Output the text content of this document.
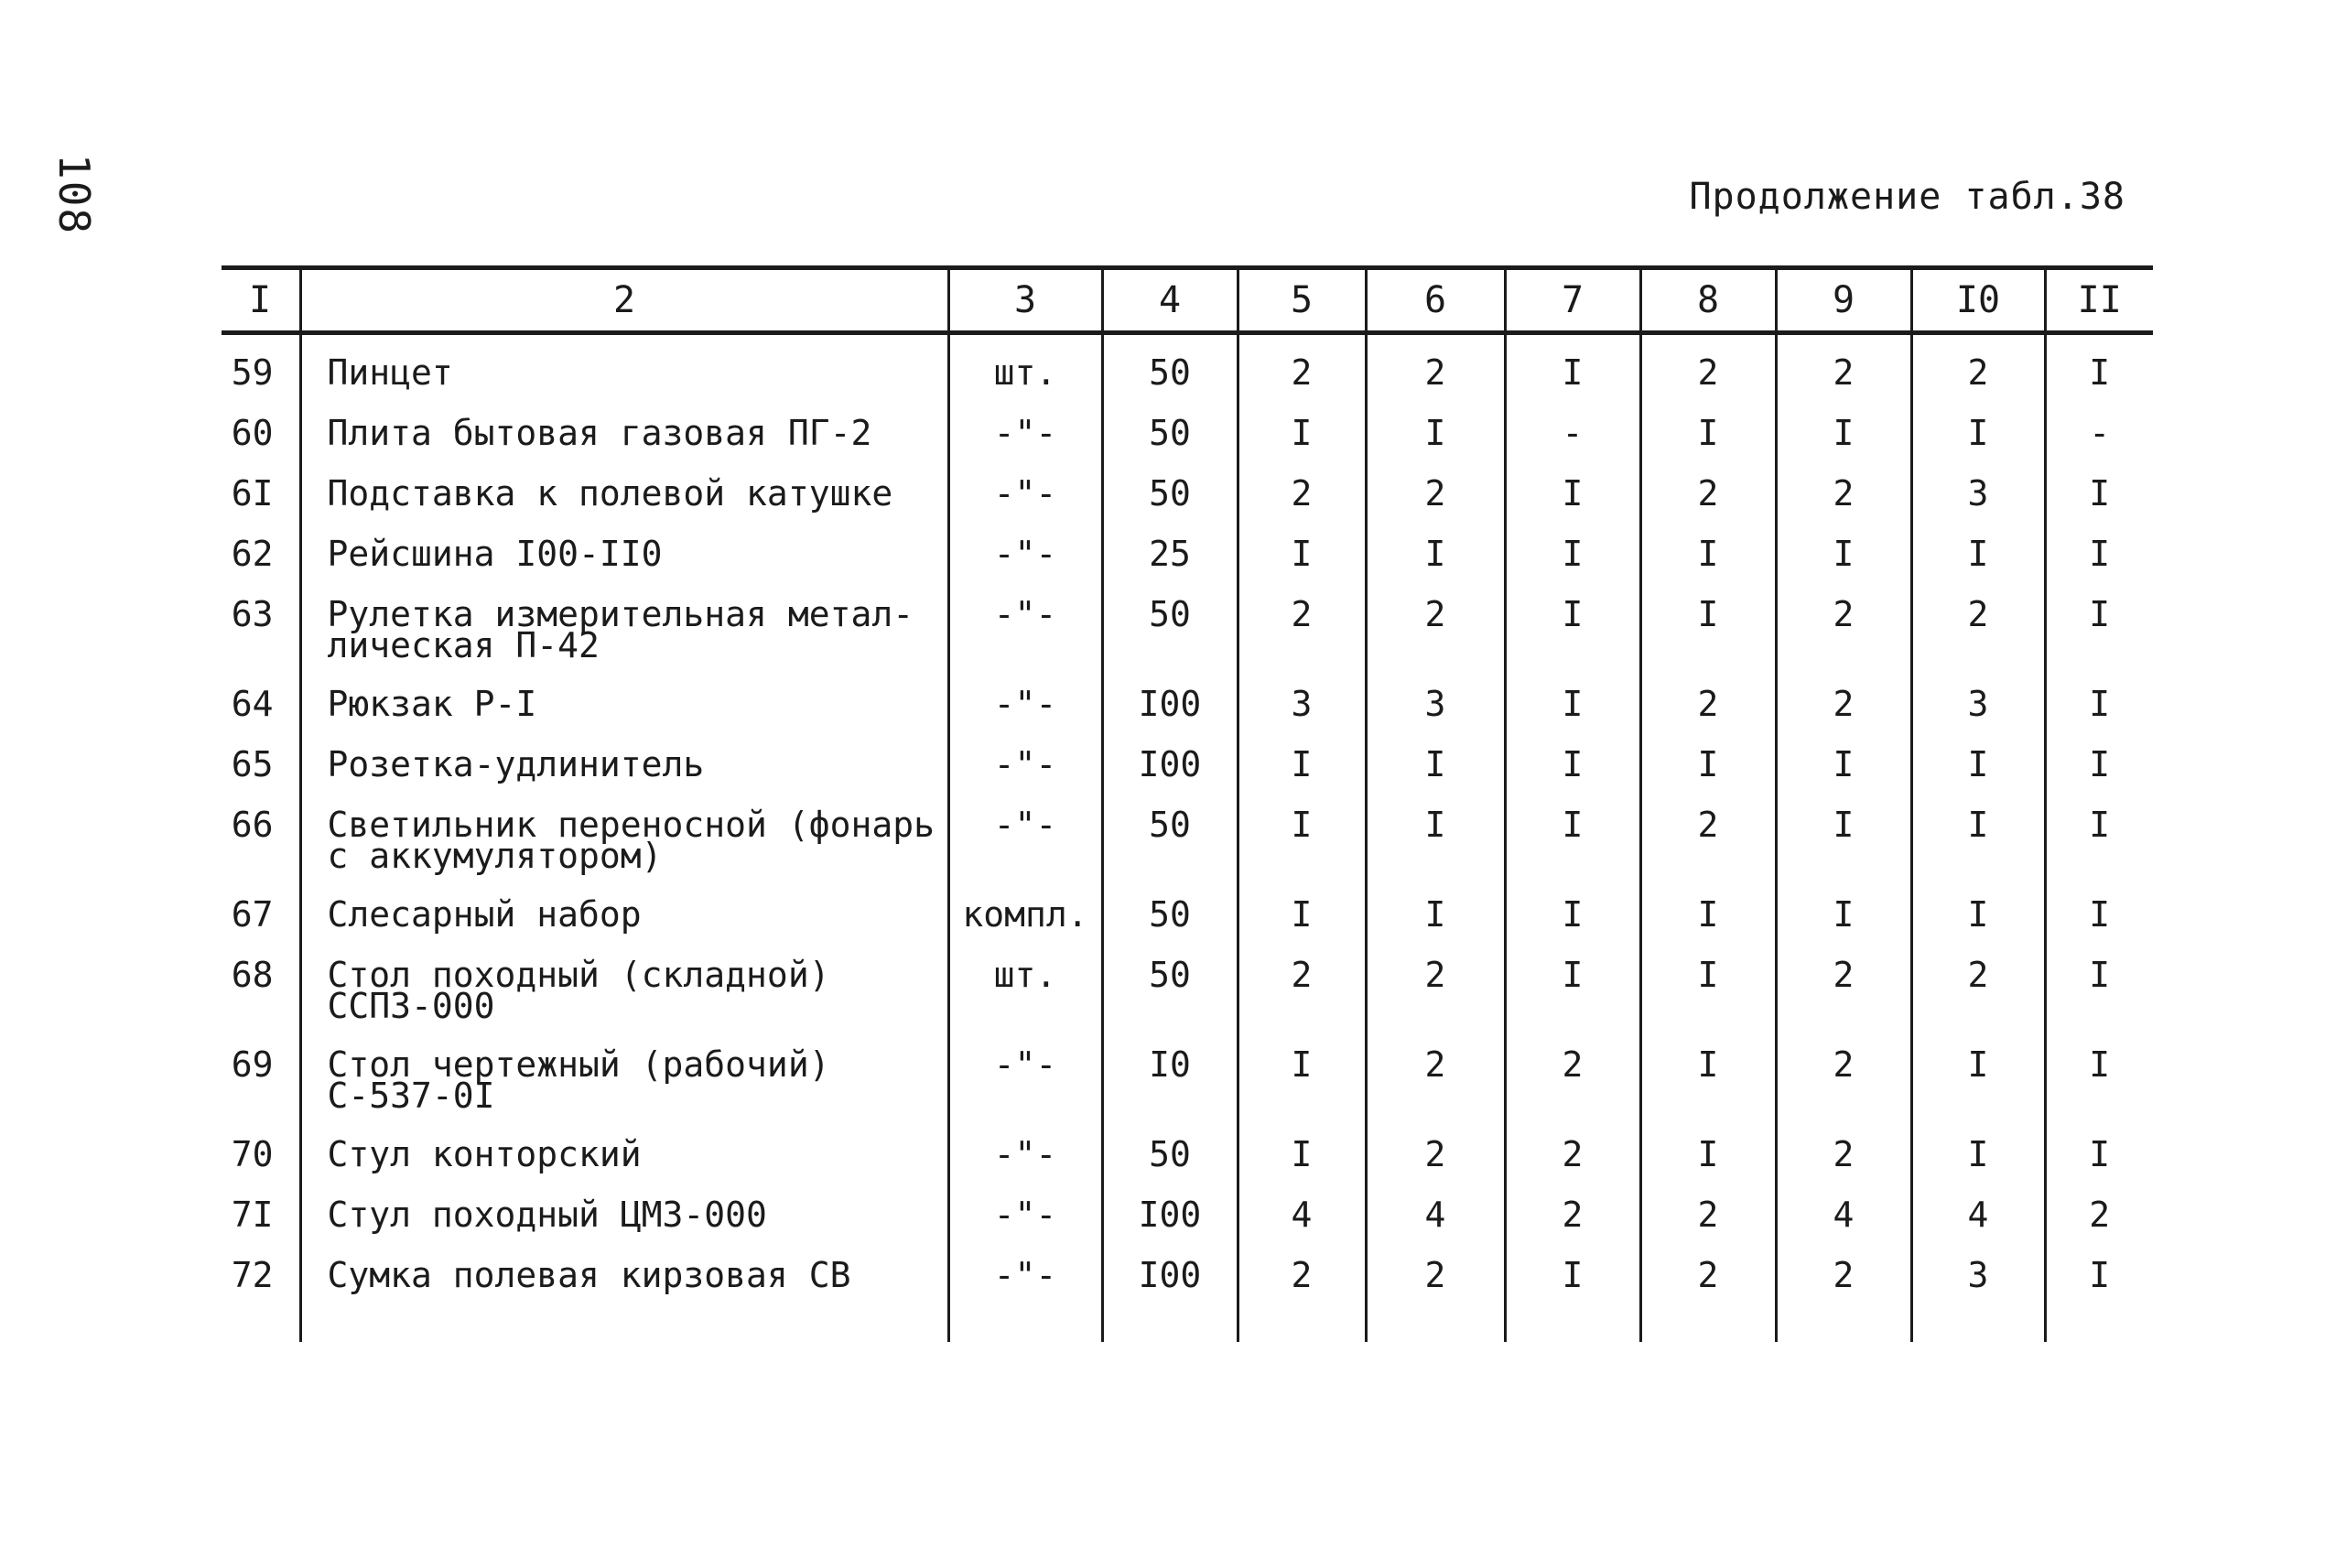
108	Продолжение табл.38
I	2	3	4	5	6	7	8	9	I0	II
59	Пинцет	шт.	50	2	2	I	2	2	2	I
60	Плита бытовая газовая ПГ-2	-"-	50	I	I	-	I	I	I	-
6I	Подставка к полевой катушке	-"-	50	2	2	I	2	2	3	I
62	Рейсшина I00-II0	-"-	25	I	I	I	I	I	I	I
63	Рулетка измерительная метал-
лическая П-42	-"-	50	2	2	I	I	2	2	I
64	Рюкзак Р-I	-"-	I00	3	3	I	2	2	3	I
65	Розетка-удлинитель	-"-	I00	I	I	I	I	I	I	I
66	Светильник переносной (фонарь
с аккумулятором)	-"-	50	I	I	I	2	I	I	I
67	Слесарный набор	компл.	50	I	I	I	I	I	I	I
68	Стол походный (складной)
ССП3-000	шт.	50	2	2	I	I	2	2	I
69	Стол чертежный (рабочий)
С-537-0I	-"-	I0	I	2	2	I	2	I	I
70	Стул конторский	-"-	50	I	2	2	I	2	I	I
7I	Стул походный ЦМ3-000	-"-	I00	4	4	2	2	4	4	2
72	Сумка полевая кирзовая СВ	-"-	I00	2	2	I	2	2	3	I
